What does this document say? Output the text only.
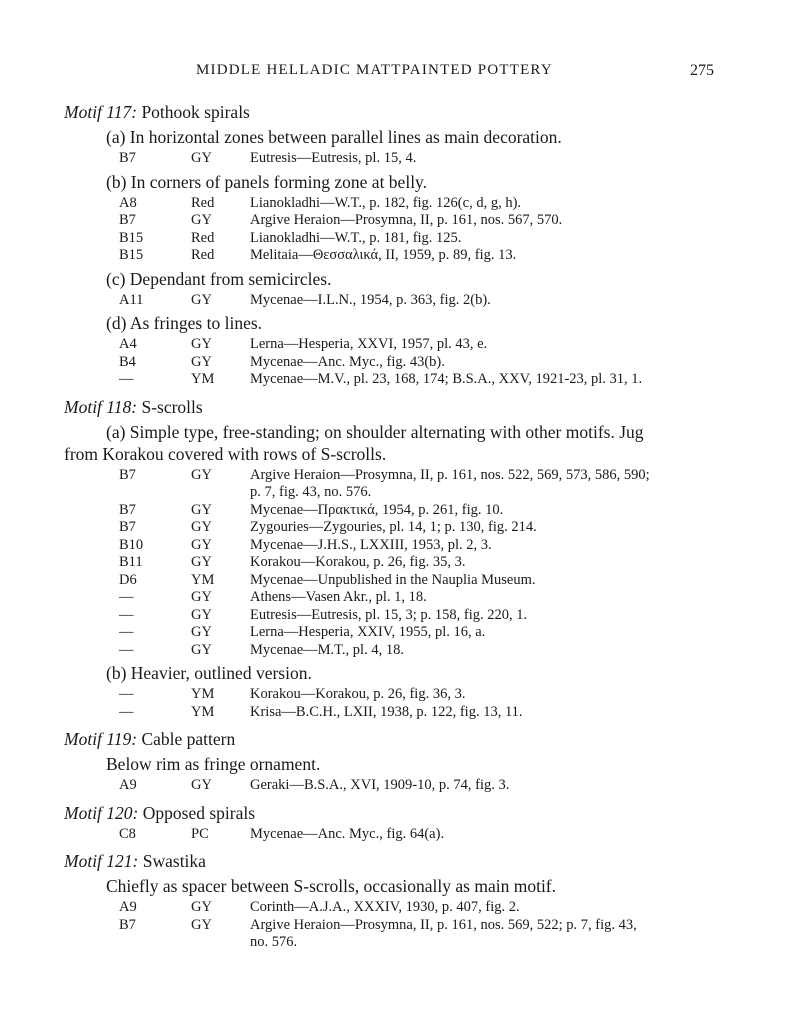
MIDDLE HELLADIC MATTPAINTED POTTERY	275
Motif 117: Pothook spirals
(a) In horizontal zones between parallel lines as main decoration.
B7	GY	Eutresis—Eutresis, pl. 15, 4.
(b) In corners of panels forming zone at belly.
A8	Red Lianokladhi—W.T., p. 182, fig. 126(c, d, g, h).
B7	GY	Argive Heraion—Prosymna, II, p. 161, nos. 567, 570.
B15	Red Lianokladhi—W.T., p. 181, fig. 125.
B15	Red Melitaia—Θεσσαλικά, II, 1959, p. 89, fig. 13.
(c) Dependant from semicircles.
A11	GY	Mycenae—I.L.N., 1954, p. 363, fig. 2(b).
(d) As fringes to lines.
A4	GY	Lerna—Hesperia, XXVI, 1957, pl. 43, e.
B4	GY	Mycenae—Anc. Myc., fig. 43(b).
—	YM Mycenae—M.V., pl. 23, 168, 174; B.S.A., XXV, 1921-23, pl. 31, 1.
Motif 118: S-scrolls
(a) Simple type, free-standing; on shoulder alternating with other motifs. Jug
from Korakou covered with rows of S-scrolls.
B7	GY	Argive Heraion—Prosymna, II, p. 161, nos. 522, 569, 573, 586, 590;
p. 7, fig. 43, no. 576.
B7	GY	Mycenae—Πρακτικά, 1954, p. 261, fig. 10.
B7	GY	Zygouries—Zygouries, pl. 14, 1; p. 130, fig. 214.
B10	GY	Mycenae—J.H.S., LXXIII, 1953, pl. 2, 3.
B11	GY	Korakou—Korakou, p. 26, fig. 35, 3.
D6	YM Mycenae—Unpublished in the Nauplia Museum.
—	GY	Athens—Vasen Akr., pl. 1, 18.
—	GY	Eutresis—Eutresis, pl. 15, 3; p. 158, fig. 220, 1.
—	GY	Lerna—Hesperia, XXIV, 1955, pl. 16, a.
—	GY	Mycenae—M.T., pl. 4, 18.
(b) Heavier, outlined version.
—	YM Korakou—Korakou, p. 26, fig. 36, 3.
—	YM Krisa—B.C.H., LXII, 1938, p. 122, fig. 13, 11.
Motif 119: Cable pattern
Below rim as fringe ornament.
A9	GY	Geraki—B.S.A., XVI, 1909-10, p. 74, fig. 3.
Motif 120: Opposed spirals
C8	PC	Mycenae—Anc. Myc., fig. 64(a).
Motif 121: Swastika
Chiefly as spacer between S-scrolls, occasionally as main motif.
A9	GY	Corinth—A.J.A., XXXIV, 1930, p. 407, fig. 2.
B7	GY	Argive Heraion—Prosymna, II, p. 161, nos. 569, 522; p. 7, fig. 43,
no. 576.
